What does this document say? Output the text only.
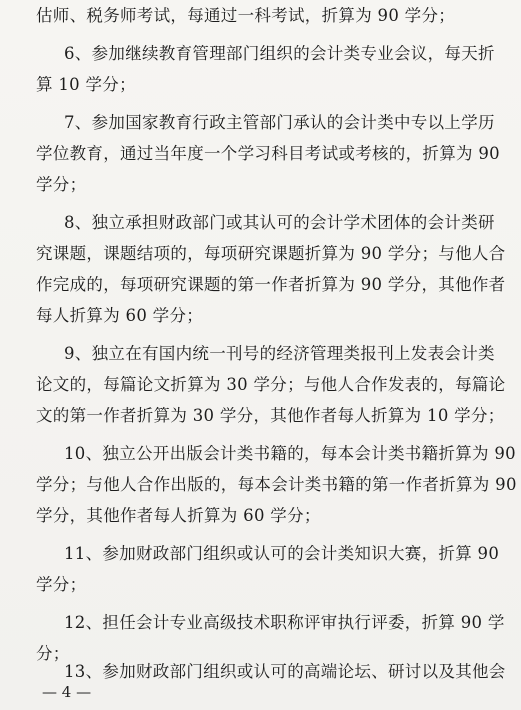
估师、税务师考试，每通过一科考试，折算为 90 学分；
6、参加继续教育管理部门组织的会计类专业会议，每天折
算 10 学分；
7、参加国家教育行政主管部门承认的会计类中专以上学历
学位教育，通过当年度一个学习科目考试或考核的，折算为 90
学分；
8、独立承担财政部门或其认可的会计学术团体的会计类研
究课题，课题结项的，每项研究课题折算为 90 学分；与他人合
作完成的，每项研究课题的第一作者折算为 90 学分，其他作者
每人折算为 60 学分；
9、独立在有国内统一刊号的经济管理类报刊上发表会计类
论文的，每篇论文折算为 30 学分；与他人合作发表的，每篇论
文的第一作者折算为 30 学分，其他作者每人折算为 10 学分；
10、独立公开出版会计类书籍的，每本会计类书籍折算为 90
学分；与他人合作出版的，每本会计类书籍的第一作者折算为 90
学分，其他作者每人折算为 60 学分；
11、参加财政部门组织或认可的会计类知识大赛，折算 90
学分；
12、担任会计专业高级技术职称评审执行评委，折算 90 学
分；
13、参加财政部门组织或认可的高端论坛、研讨以及其他会
— 4 —
